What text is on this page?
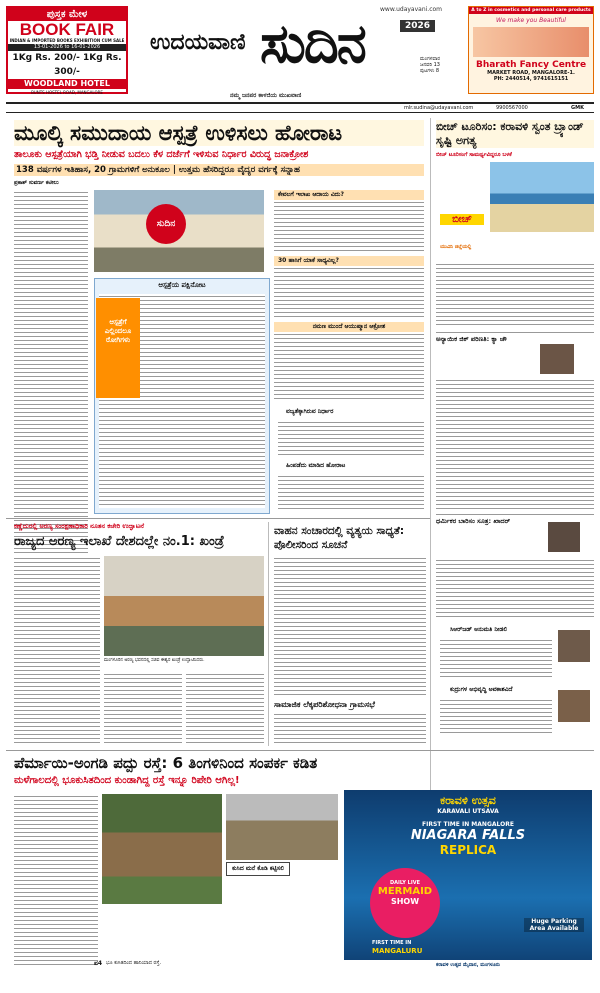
ಪುಸ್ತಕ ಮೇಳ
BOOK FAIR
INDIAN & IMPORTED BOOKS EXHIBITION CUM SALE
13-01-2026 to 16-01-2026
1Kg Rs. 200/- 1Kg Rs. 300/-
WOODLAND HOTEL
BUNTS HOSTEL ROAD, MANGALORE
www.udayavani.com
ಉದಯವಾಣಿ ಸುದಿನ
ನಮ್ಮ ಜನಪರ ಕಾಳಜಿಯ ಮುಖವಾಣಿ
2026
ಮಂಗಳವಾರ
ಜನವರಿ 13
ಪುಟಗಳು 8
A to Z in cosmetics and personal care products
We make you Beautiful
Bharath Fancy Centre
MARKET ROAD, MANGALORE-1.
PH: 2440514, 9741615151
mlr.sudina@udayavani.com	9900567000	GMK
ಮೂಲ್ಕಿ ಸಮುದಾಯ ಆಸ್ಪತ್ರೆ ಉಳಿಸಲು ಹೋರಾಟ
ತಾಲೂಕು ಆಸ್ಪತ್ರೆಯಾಗಿ ಭಡ್ತಿ ನೀಡುವ ಬದಲು ಕೆಳ ದರ್ಜೆಗೆ ಇಳಿಸುವ ನಿರ್ಧಾರ ವಿರುದ್ಧ ಜನಾಕ್ರೋಶ
138 ವರ್ಷಗಳ ಇತಿಹಾಸ, 20 ಗ್ರಾಮಗಳಿಗೆ ಅನುಕೂಲ | ಉತ್ತಮ ಹೆಸರಿದ್ದರೂ ವೈದ್ಯರ ವರ್ಗಕ್ಕೆ ಸನ್ನಾಹ
ಪ್ರಕಾಶ್ ಸುವರ್ಣ ಕಟೀಲು
ಸುದಿನ
ಆಸ್ಪತ್ರೆಯ ಪಕ್ಷಿನೋಟ
ಆಸ್ಪತ್ರೆಗೆ ಎಲ್ಲಿಂದಲೂ ರೋಗಿಗಳು
ಕೇವಲಗೆ ಇಲಾಖ ಆದಾಯ ವಿದು?
30 ಹಾಸಿಗೆ ಯಾಕೆ ಸಾಧ್ಯವಿಲ್ಲ?
ನಮಣ ಮುಂದೆ ಆಯುಷ್ಮಾನ ಆಕ್ರೋಶ
ವಜ್ಯತೆಕ್ಕಾಗಿರುವ ನಿರ್ಧಾರ
ಹಿಂಪಡೆದು ಮಾಡಿದ ಹೋರಾಟ
ಬೀಚ್ ಟೂರಿಸಂ: ಕರಾವಳಿ ಸ್ವಂತ ಬ್ರ್ಯಾಂಡ್ ಸೃಷ್ಟಿ ಅಗತ್ಯ
ಬೀಚ್ ಟೂರಿಸಂಗೆ ಸಾಮರ್ಥ್ಯವಿದ್ದರೂ ಬಳಕೆ
ಬೀಚ್
ಯುವಿನಿ ಜಿಲ್ಲೆಯಲ್ಲಿ
ಅನ್ಯಾಯಿಕ ಜಿಕ್ ಪರಿಣತಿ: ಕ್ಯಾ ಚೌ
ಧರ್ಮಿಕರ ಬಾರಿಸಂ ಸೂತ್ರ: ಖಾದರ್
ಸಿಆರ್‌ಜಡ್‌ ಅನುಮತಿ ನೀಡಲಿ
ಕುದ್ರುಗಳ ಅಭಿವೃದ್ಧಿ ಅವಕಾಶವಿದೆ
ಕಣ್ಣೆದುರಲ್ಲಿ ಅರಣ್ಯ ಸಂರಕ್ಷಣಾಧಿಕಾರಿ ನೂತನ ಕಚೇರಿ ಉದ್ಘಾಟನೆ
ರಾಜ್ಯದ ಅರಣ್ಯ ಇಲಾಖೆ ದೇಶದಲ್ಲೇ ನಂ.1: ಖಂಡ್ರೆ
ಮಂಗಳೂರಿನ ಅರಣ್ಯ ಭವನದಲ್ಲಿ ಸಚಿವ ಈಶ್ವರ ಖಂಡ್ರೆ ಉದ್ಘಾಟಿಸಿದರು.
ವಾಹನ ಸಂಚಾರದಲ್ಲಿ ವ್ಯತ್ಯಯ ಸಾಧ್ಯತೆ: ಪೊಲೀಸರಿಂದ ಸೂಚನೆ
ಸಾಮಾಜಿಕ ಲೆಕ್ಕಪರಿಶೋಧನಾ ಗ್ರಾಮಸಭೆ
ಪೆರ್ಮಾಯಿ-ಅಂಗಡಿ ಪದ್ಪು ರಸ್ತೆ: 6 ತಿಂಗಳಿನಿಂದ ಸಂಪರ್ಕ ಕಡಿತ
ಮಳೆಗಾಲದಲ್ಲಿ ಭೂಕುಸಿತದಿಂದ ಕುಂಡಾಗಿದ್ದ ರಸ್ತೆ ಇನ್ನೂ ರಿಪೇರಿ ಆಗಿಲ್ಲ!
ಕುಸಿದ ಮನೆ ಕೊಡಿ ಕಟ್ಟಿಸಲಿ
ಭೂ ಕುಸಿತದಿಂದ ಹಾನಿಯಾದ ರಸ್ತೆ.
ಪ4
ಕರಾವಳಿ ಉತ್ಸವ
KARAVALI UTSAVA
FIRST TIME IN MANGALORE
NIAGARA FALLS
REPLICA
DAILY LIVE
MERMAID
SHOW
FIRST TIME IN
MANGALURU
Huge Parking Area Available
ಕರಾವಳಿ ಉತ್ಸವ ಮೈದಾನ, ಮಂಗಳೂರು
